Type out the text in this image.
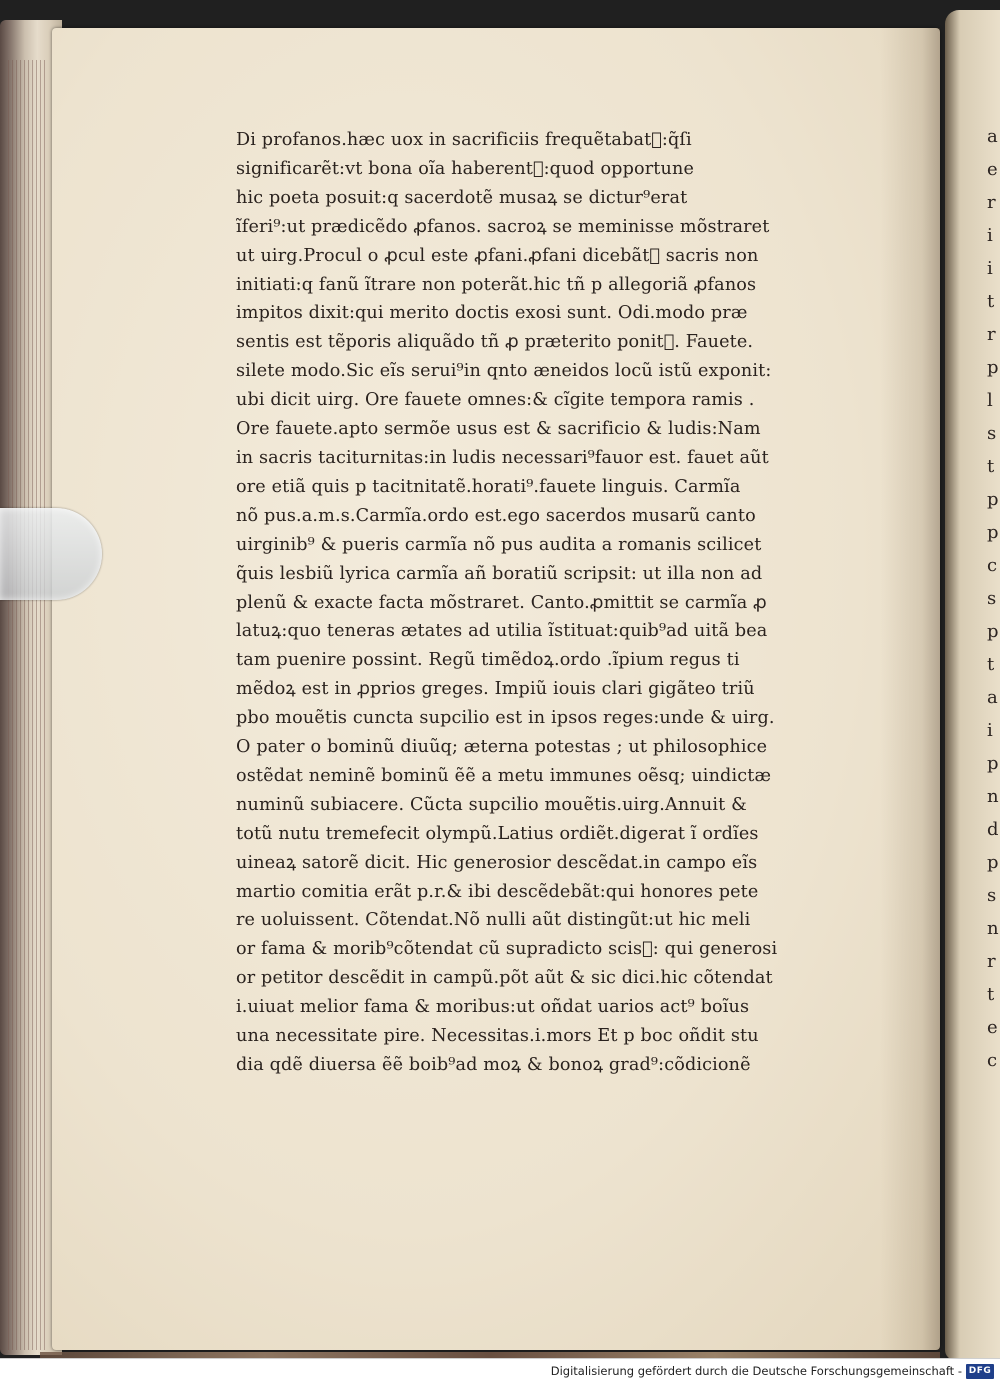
a
e
r
i
i
t
r
p
l
s
t
p
p
c
s
p
t
a
i
p
n
d
p
s
n
r
t
e
c
Di profanos.hæc uox in sacrificiis frequẽtabatᷣ:q̃ſi
significarẽt:vt bona oĩa haberentᷣ:quod opportune
hic poeta posuit:q sacerdotẽ musaꝝ se dictur⁹erat
ĩferi⁹:ut prædicẽdo ꝓfanos. sacroꝝ se meminisse mõstraret
ut uirg.Procul o ꝓcul este ꝓfani.ꝓfani dicebãtᷣ sacris non
initiati:q fanũ ĩtrare non poterãt.hic tñ p allegoriã ꝓfanos
impitos dixit:qui merito doctis exosi sunt. Odi.modo præ
sentis est tẽporis aliquãdo tñ ꝓ præterito ponitᷣ. Fauete.
silete modo.Sic eĩs serui⁹in qnto æneidos locũ istũ exponit:
ubi dicit uirg. Ore fauete omnes:& cĩgite tempora ramis .
Ore fauete.apto sermõe usus est & sacrificio & ludis:Nam
in sacris taciturnitas:in ludis necessari⁹fauor est. fauet aũt
ore etiã quis p tacitnitatẽ.horati⁹.fauete linguis. Carmĩa
nõ pus.a.m.s.Carmĩa.ordo est.ego sacerdos musarũ canto
uirginib⁹ & pueris carmĩa nõ pus audita a romanis scilicet
q̃uis lesbiũ lyrica carmĩa añ boratiũ scripsit: ut illa non ad
plenũ & exacte facta mõstraret. Canto.ꝓmittit se carmĩa ꝓ
latuꝝ:quo teneras ætates ad utilia ĩstituat:quib⁹ad uitã bea
tam puenire possint. Regũ timẽdoꝝ.ordo .ĩpium regus ti
mẽdoꝝ est in ꝓprios greges. Impiũ iouis clari gigãteo triũ
pbo mouẽtis cuncta supcilio est in ipsos reges:unde & uirg.
O pater o bominũ diuũq; æterna potestas ; ut philosophice
ostẽdat neminẽ bominũ ẽẽ a metu immunes oẽsq; uindictæ
numinũ subiacere. Cũcta supcilio mouẽtis.uirg.Annuit &
totũ nutu tremefecit olympũ.Latius ordiẽt.digerat ĩ ordĩes
uineaꝝ satorẽ dicit. Hic generosior descẽdat.in campo eĩs
martio comitia erãt p.r.& ibi descẽdebãt:qui honores pete
re uoluissent. Cõtendat.Nõ nulli aũt distingũt:ut hic meli
or fama & morib⁹cõtendat cũ supradicto scisᷣ: qui generosi
or petitor descẽdit in campũ.põt aũt & sic dici.hic cõtendat
i.uiuat melior fama & moribus:ut oñdat uarios act⁹ boĩus
una necessitate pire. Necessitas.i.mors Et p boc oñdit stu
dia qdẽ diuersa ẽẽ boib⁹ad moꝝ & bonoꝝ grad⁹:cõdicionẽ
Digitalisierung gefördert durch die Deutsche Forschungsgemeinschaft - DFG
